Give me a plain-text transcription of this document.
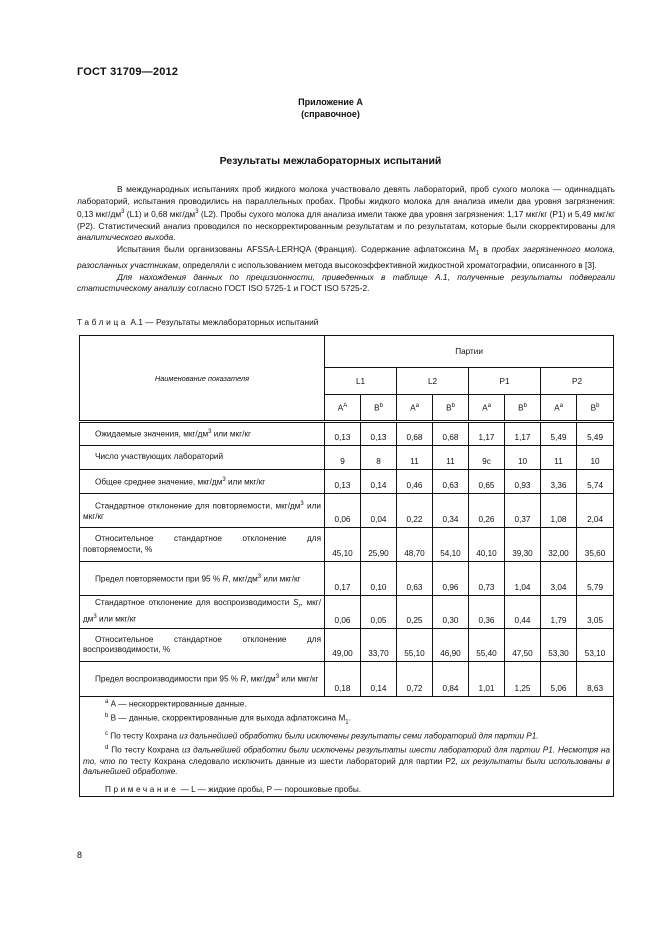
ГОСТ 31709—2012
Приложение А
(справочное)
Результаты межлабораторных испытаний

В международных испытаниях проб жидкого молока участвовало девять лабораторий, проб сухого молока — одиннадцать лабораторий, испытания проводились на параллельных пробах. Пробы жидкого молока для анализа имели два уровня загрязнения: 0,13 мкг/$дм^3$ (L1) и 0,68 мкг/$дм^3$ (L2). Пробы сухого молока для анализа имели также два уровня загрязнения: 1,17 мкг/кг (P1) и 5,49 мкг/кг (P2). Статистический анализ проводился по нескорректированным результатам и по результатам, которые были скорректированы для аналитического выхода.

Испытания были организованы AFSSA-LERHQA (Франция). Содержание афлатоксина $M_1$ в пробах загрязненного молока, разосланных участникам, определяли с использованием метода высокоэффективной жидкостной хроматографии, описанного в [3].

Для нахождения данных по прецизионности, приведенных в таблице А.1, полученные результаты подвергали статистическому анализу согласно ГОСТ ISO 5725-1 и ГОСТ ISO 5725-2.

Таблица А.1 — Результаты межлабораторных испытаний
Наименование показателя	Партии							
	L1		L2		P1		P2	
	$A^A$	$B^b$	$A^a$	$B^b$	$A^a$	$B^b$	$A^a$	$B^b$
Ожидаемые значения, мкг/$дм^3$ или мкг/кг	0,13	0,13	0,68	0,68	1,17	1,17	5,49	5,49
Число участвующих лабораторий	9	8	11	11	9c	10	11	10
Общее среднее значение, мкг/$дм^3$ или мкг/кг	0,13	0,14	0,46	0,63	0,65	0,93	3,36	5,74
Стандартное отклонение для повторяемости, мкг/$дм^3$ или мкг/кг	0,06	0,04	0,22	0,34	0,26	0,37	1,08	2,04
Относительное стандартное отклонение для повторяемости, %	45,10	25,90	48,70	54,10	40,10	39,30	32,00	35,60
Предел повторяемости при 95 % R, мкг/$дм^3$ или мкг/кг	0,17	0,10	0,63	0,96	0,73	1,04	3,04	5,79
Стандартное отклонение для воспроизводимости $S_r$, мкг/$дм^3$ или мкг/кг	0,06	0,05	0,25	0,30	0,36	0,44	1,79	3,05
Относительное стандартное отклонение для воспроизводимости, %	49,00	33,70	55,10	46,90	55,40	47,50	53,30	53,10
Предел воспроизводимости при 95 % R, мкг/$дм^3$ или мкг/кг	0,18	0,14	0,72	0,84	1,01	1,25	5,06	8,63

$^а$ А — нескорректированные данные.

$^b$ В — данные, скорректированные для выхода афлатоксина $M_1$.

$^с$ По тесту Кохрана из дальнейшей обработки были исключены результаты семи лабораторий для партии P1.

$^d$ По тесту Кохрана из дальнейшей обработки были исключены результаты шести лабораторий для партии P1. Несмотря на то, что по тесту Кохрана следовало исключить данные из шести лабораторий для партии P2, их результаты были использованы в дальнейшей обработке.

Примечание — L — жидкие пробы, P — порошковые пробы.								

8
